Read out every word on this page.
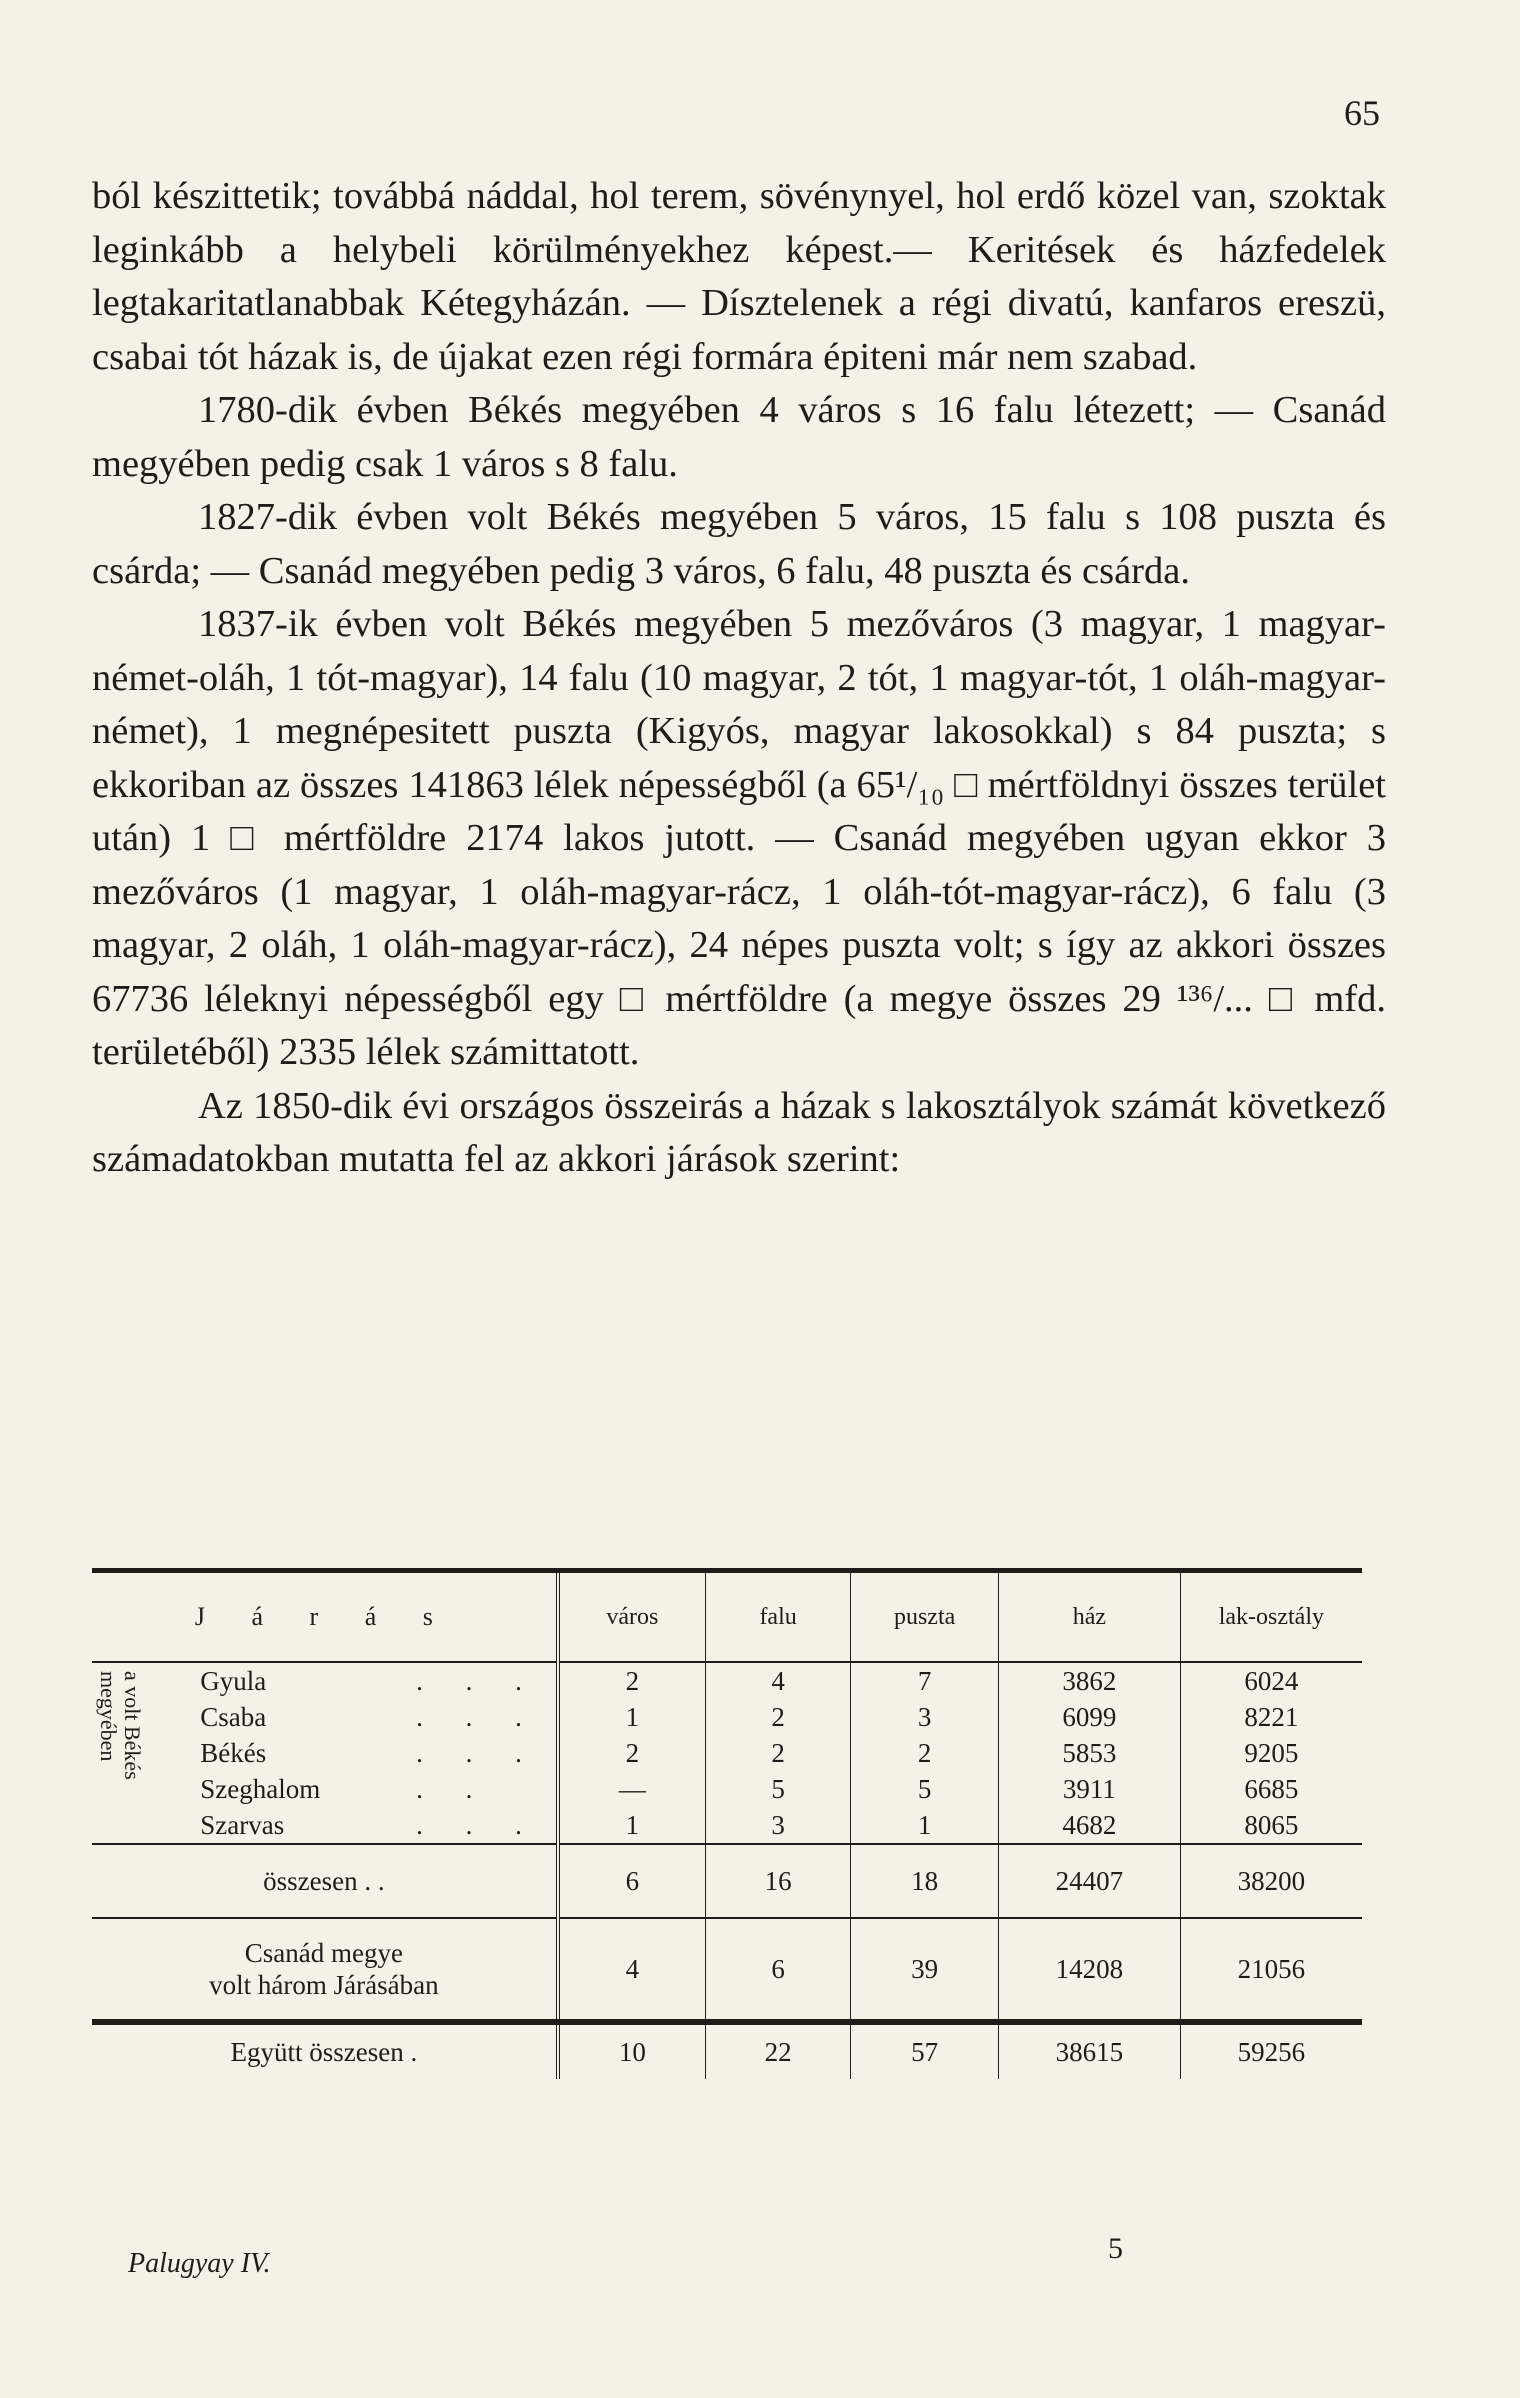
65

ból készittetik; továbbá náddal, hol terem, sövénynyel, hol erdő közel van, szoktak leginkább a helybeli körülményekhez képest.— Keritések és házfedelek legtakaritatlanabbak Kétegyházán. — Dísztelenek a régi divatú, kanfaros ereszü, csabai tót házak is, de újakat ezen régi formára épiteni már nem szabad.

1780-dik évben Békés megyében 4 város s 16 falu létezett; — Csanád megyében pedig csak 1 város s 8 falu.

1827-dik évben volt Békés megyében 5 város, 15 falu s 108 puszta és csárda; — Csanád megyében pedig 3 város, 6 falu, 48 puszta és csárda.

1837-ik évben volt Békés megyében 5 mezőváros (3 magyar, 1 magyar-német-oláh, 1 tót-magyar), 14 falu (10 magyar, 2 tót, 1 magyar-tót, 1 oláh-magyar-német), 1 megnépesitett puszta (Kigyós, magyar lakosokkal) s 84 puszta; s ekkoriban az összes 141863 lélek népességből (a 65¹/₁₀ □ mértföldnyi összes terület után) 1 □ mértföldre 2174 lakos jutott. — Csanád megyében ugyan ekkor 3 mezőváros (1 magyar, 1 oláh-magyar-rácz, 1 oláh-tót-magyar-rácz), 6 falu (3 magyar, 2 oláh, 1 oláh-magyar-rácz), 24 népes puszta volt; s így az akkori összes 67736 léleknyi népességből egy □ mértföldre (a megye összes 29 ¹³⁶/... □ mfd. területéből) 2335 lélek számittatott.

Az 1850-dik évi országos összeirás a házak s lakosztályok számát következő számadatokban mutatta fel az akkori járások szerint:

J á r á s			város	falu	puszta	ház	lak-osztály

a volt Békés megyében	Gyula	. . .	2	4	7	3862	6024
	Csaba	. . .	1	2	3	6099	8221
	Békés	. . .	2	2	2	5853	9205
	Szeghalom	. .	—	5	5	3911	6685
	Szarvas	. . .	1	3	1	4682	8065
összesen . .			6	16	18	24407	38200

Csanád megye
volt három Járásában			4	6	39	14208	21056
Együtt összesen .			10	22	57	38615	59256
Palugyay IV.	5
